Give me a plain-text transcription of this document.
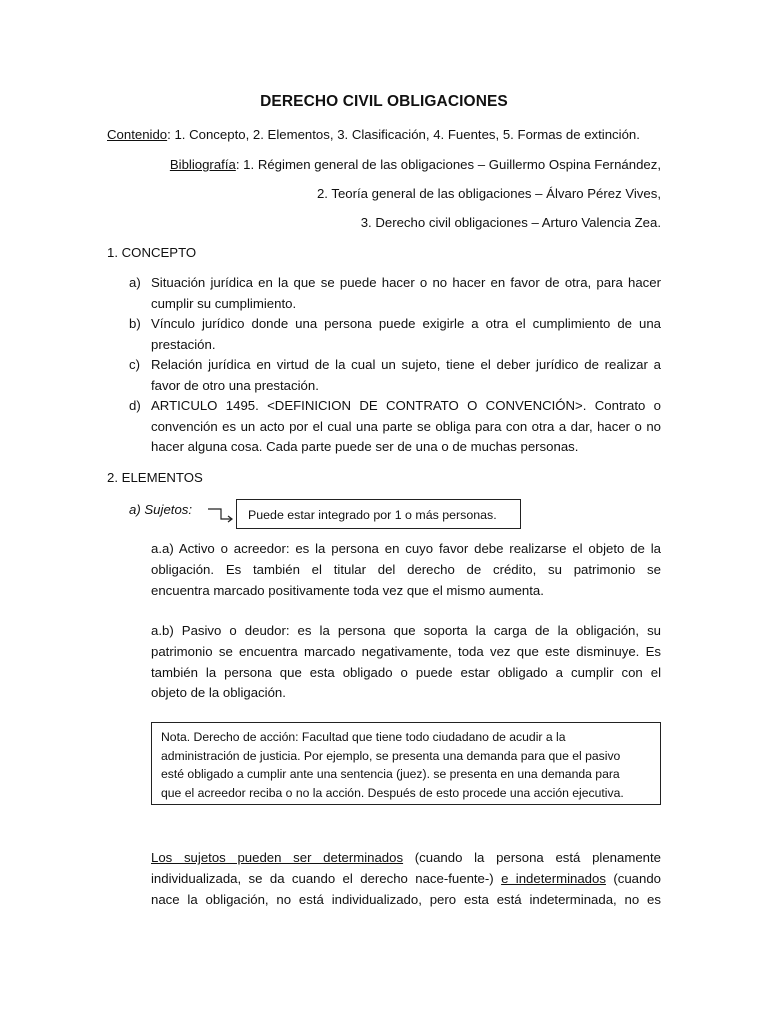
DERECHO CIVIL OBLIGACIONES
Contenido: 1. Concepto, 2. Elementos, 3. Clasificación, 4. Fuentes, 5. Formas de extinción.
Bibliografía: 1. Régimen general de las obligaciones – Guillermo Ospina Fernández,
2. Teoría general de las obligaciones – Álvaro Pérez Vives,
3. Derecho civil obligaciones – Arturo Valencia Zea.
1. CONCEPTO
a) Situación jurídica en la que se puede hacer o no hacer en favor de otra, para hacer cumplir su cumplimiento.
b) Vínculo jurídico donde una persona puede exigirle a otra el cumplimiento de una prestación.
c) Relación jurídica en virtud de la cual un sujeto, tiene el deber jurídico de realizar a favor de otro una prestación.
d) ARTICULO 1495. <DEFINICION DE CONTRATO O CONVENCIÓN>. Contrato o convención es un acto por el cual una parte se obliga para con otra a dar, hacer o no hacer alguna cosa. Cada parte puede ser de una o de muchas personas.
2. ELEMENTOS
a) Sujetos:	Puede estar integrado por 1 o más personas.
a.a) Activo o acreedor: es la persona en cuyo favor debe realizarse el objeto de la
obligación. Es también el titular del derecho de crédito, su patrimonio se
encuentra marcado positivamente toda vez que el mismo aumenta.
a.b) Pasivo o deudor: es la persona que soporta la carga de la obligación, su
patrimonio se encuentra marcado negativamente, toda vez que este disminuye. Es
también la persona que esta obligado o puede estar obligado a cumplir con el
objeto de la obligación.
Nota. Derecho de acción: Facultad que tiene todo ciudadano de acudir a la
administración de justicia. Por ejemplo, se presenta una demanda para que el pasivo
esté obligado a cumplir ante una sentencia (juez). se presenta en una demanda para
que el acreedor reciba o no la acción. Después de esto procede una acción ejecutiva.
Los sujetos pueden ser determinados (cuando la persona está plenamente
individualizada, se da cuando el derecho nace-fuente-) e indeterminados (cuando
nace la obligación, no está individualizado, pero esta está indeterminada, no es
